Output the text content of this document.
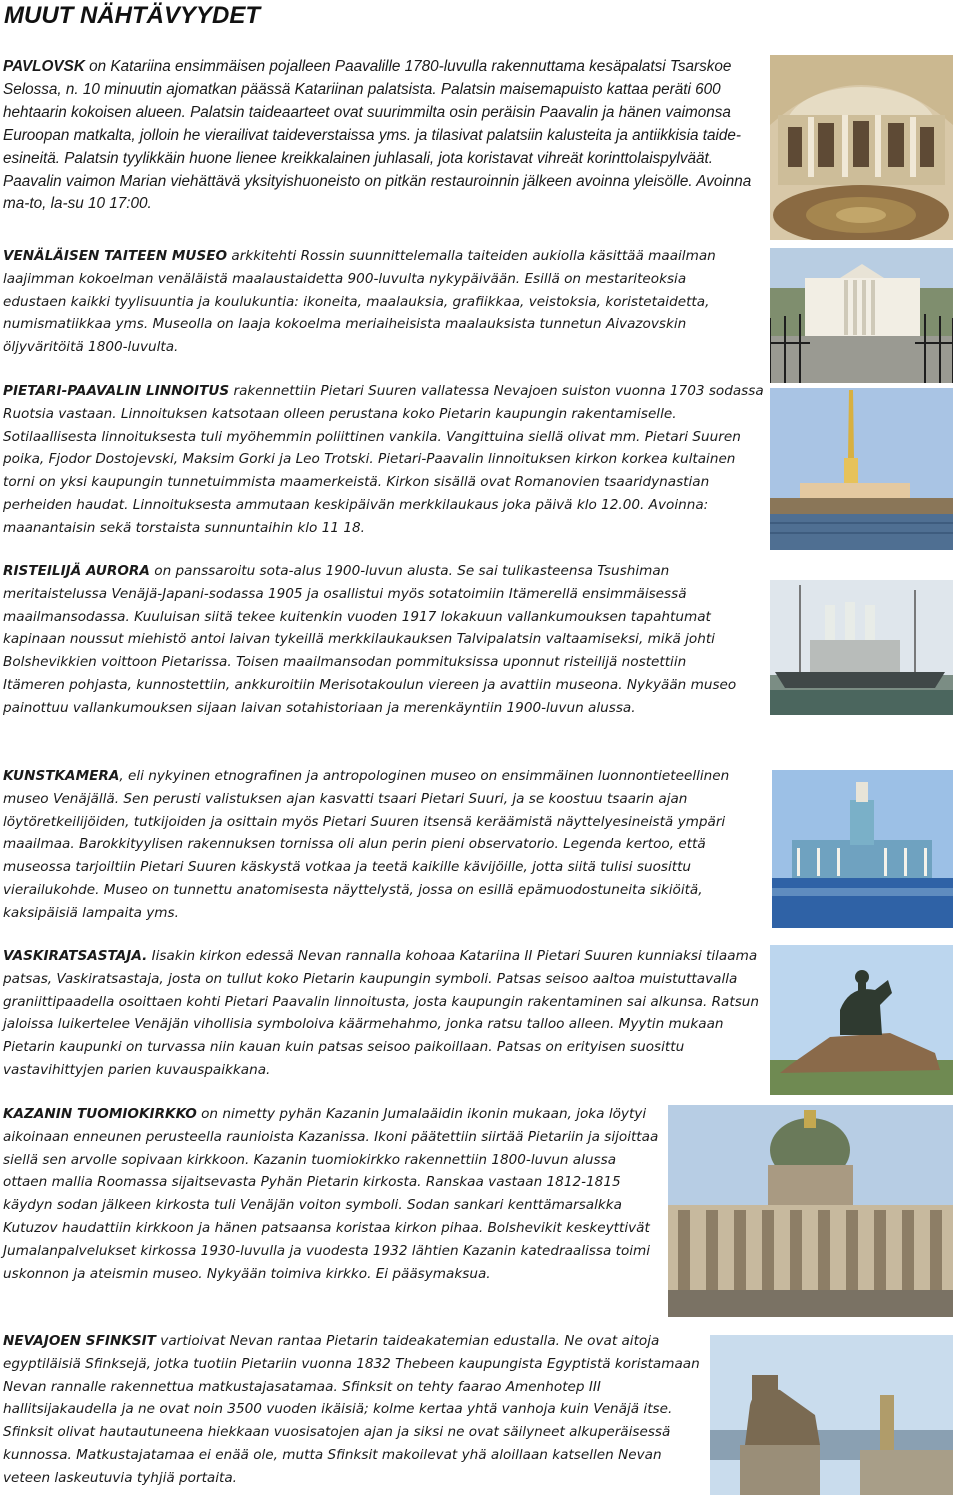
MUUT NÄHTÄVYYDET

PAVLOVSK on Katariina ensimmäisen pojalleen Paavalille 1780-luvulla rakennuttama kesäpalatsi Tsarskoe Selossa, n. 10 minuutin ajomatkan päässä Katariinan palatsista. Palatsin maisemapuisto kattaa peräti 600 hehtaarin kokoisen alueen. Palatsin taideaarteet ovat suurimmilta osin peräisin Paavalin ja hänen vaimonsa Euroopan matkalta, jolloin he vierailivat taideverstaissa yms. ja tilasivat palatsiin kalusteita ja antiikkisia taide-esineitä. Palatsin tyylikkäin huone lienee kreikkalainen juhlasali, jota koristavat vihreät korinttolaispylväät. Paavalin vaimon Marian viehättävä yksityishuoneisto on pitkän restauroinnin jälkeen avoinna yleisölle. Avoinna ma-to, la-su 10 17:00.

VENÄLÄISEN TAITEEN MUSEO arkkitehti Rossin suunnittelemalla taiteiden aukiolla käsittää maailman laajimman kokoelman venäläistä maalaustaidetta 900-luvulta nykypäivään. Esillä on mestariteoksia edustaen kaikki tyylisuuntia ja koulukuntia: ikoneita, maalauksia, grafiikkaa, veistoksia, koristetaidetta, numismatiikkaa yms. Museolla on laaja kokoelma meriaiheisista maalauksista tunnetun Aivazovskin öljyväritöitä 1800-luvulta.

PIETARI-PAAVALIN LINNOITUS rakennettiin Pietari Suuren vallatessa Nevajoen suiston vuonna 1703 sodassa Ruotsia vastaan. Linnoituksen katsotaan olleen perustana koko Pietarin kaupungin rakentamiselle. Sotilaallisesta linnoituksesta tuli myöhemmin poliittinen vankila. Vangittuina siellä olivat mm. Pietari Suuren poika, Fjodor Dostojevski, Maksim Gorki ja Leo Trotski. Pietari-Paavalin linnoituksen kirkon korkea kultainen torni on yksi kaupungin tunnetuimmista maamerkeistä. Kirkon sisällä ovat Romanovien tsaaridynastian perheiden haudat. Linnoituksesta ammutaan keskipäivän merkkilaukaus joka päivä klo 12.00. Avoinna: maanantaisin sekä torstaista sunnuntaihin klo 11 18.

RISTEILIJÄ AURORA on panssaroitu sota-alus 1900-luvun alusta. Se sai tulikasteensa Tsushiman meritaistelussa Venäjä-Japani-sodassa 1905 ja osallistui myös sotatoimiin Itämerellä ensimmäisessä maailmansodassa. Kuuluisan siitä tekee kuitenkin vuoden 1917 lokakuun vallankumouksen tapahtumat kapinaan noussut miehistö antoi laivan tykeillä merkkilaukauksen Talvipalatsin valtaamiseksi, mikä johti Bolshevikkien voittoon Pietarissa. Toisen maailmansodan pommituksissa uponnut risteilijä nostettiin Itämeren pohjasta, kunnostettiin, ankkuroitiin Merisotakoulun viereen ja avattiin museona. Nykyään museo painottuu vallankumouksen sijaan laivan sotahistoriaan ja merenkäyntiin 1900-luvun alussa.

KUNSTKAMERA, eli nykyinen etnografinen ja antropologinen museo on ensimmäinen luonnontieteellinen museo Venäjällä. Sen perusti valistuksen ajan kasvatti tsaari Pietari Suuri, ja se koostuu tsaarin ajan löytöretkeilijöiden, tutkijoiden ja osittain myös Pietari Suuren itsensä keräämistä näyttelyesineistä ympäri maailmaa. Barokkityylisen rakennuksen tornissa oli alun perin pieni observatorio. Legenda kertoo, että museossa tarjoiltiin Pietari Suuren käskystä votkaa ja teetä kaikille kävijöille, jotta siitä tulisi suosittu vierailukohde. Museo on tunnettu anatomisesta näyttelystä, jossa on esillä epämuodostuneita sikiöitä, kaksipäisiä lampaita yms.

VASKIRATSASTAJA. Iisakin kirkon edessä Nevan rannalla kohoaa Katariina II Pietari Suuren kunniaksi tilaama patsas, Vaskiratsastaja, josta on tullut koko Pietarin kaupungin symboli. Patsas seisoo aaltoa muistuttavalla graniittipaadella osoittaen kohti Pietari Paavalin linnoitusta, josta kaupungin rakentaminen sai alkunsa. Ratsun jaloissa luikertelee Venäjän vihollisia symboloiva käärmehahmo, jonka ratsu talloo alleen. Myytin mukaan Pietarin kaupunki on turvassa niin kauan kuin patsas seisoo paikoillaan. Patsas on erityisen suosittu vastavihittyjen parien kuvauspaikkana.

KAZANIN TUOMIOKIRKKO on nimetty pyhän Kazanin Jumalaäidin ikonin mukaan, joka löytyi aikoinaan enneunen perusteella raunioista Kazanissa. Ikoni päätettiin siirtää Pietariin ja sijoittaa siellä sen arvolle sopivaan kirkkoon. Kazanin tuomiokirkko rakennettiin 1800-luvun alussa ottaen mallia Roomassa sijaitsevasta Pyhän Pietarin kirkosta. Ranskaa vastaan 1812-1815 käydyn sodan jälkeen kirkosta tuli Venäjän voiton symboli. Sodan sankari kenttämarsalkka Kutuzov haudattiin kirkkoon ja hänen patsaansa koristaa kirkon pihaa. Bolshevikit keskeyttivät Jumalanpalvelukset kirkossa 1930-luvulla ja vuodesta 1932 lähtien Kazanin katedraalissa toimi uskonnon ja ateismin museo. Nykyään toimiva kirkko. Ei pääsymaksua.

NEVAJOEN SFINKSIT vartioivat Nevan rantaa Pietarin taideakatemian edustalla. Ne ovat aitoja egyptiläisiä Sfinksejä, jotka tuotiin Pietariin vuonna 1832 Thebeen kaupungista Egyptistä koristamaan Nevan rannalle rakennettua matkustajasatamaa. Sfinksit on tehty faarao Amenhotep III hallitsijakaudella ja ne ovat noin 3500 vuoden ikäisiä; kolme kertaa yhtä vanhoja kuin Venäjä itse. Sfinksit olivat hautautuneena hiekkaan vuosisatojen ajan ja siksi ne ovat säilyneet alkuperäisessä kunnossa. Matkustajatamaa ei enää ole, mutta Sfinksit makoilevat yhä aloillaan katsellen Nevan veteen laskeutuvia tyhjiä portaita.
